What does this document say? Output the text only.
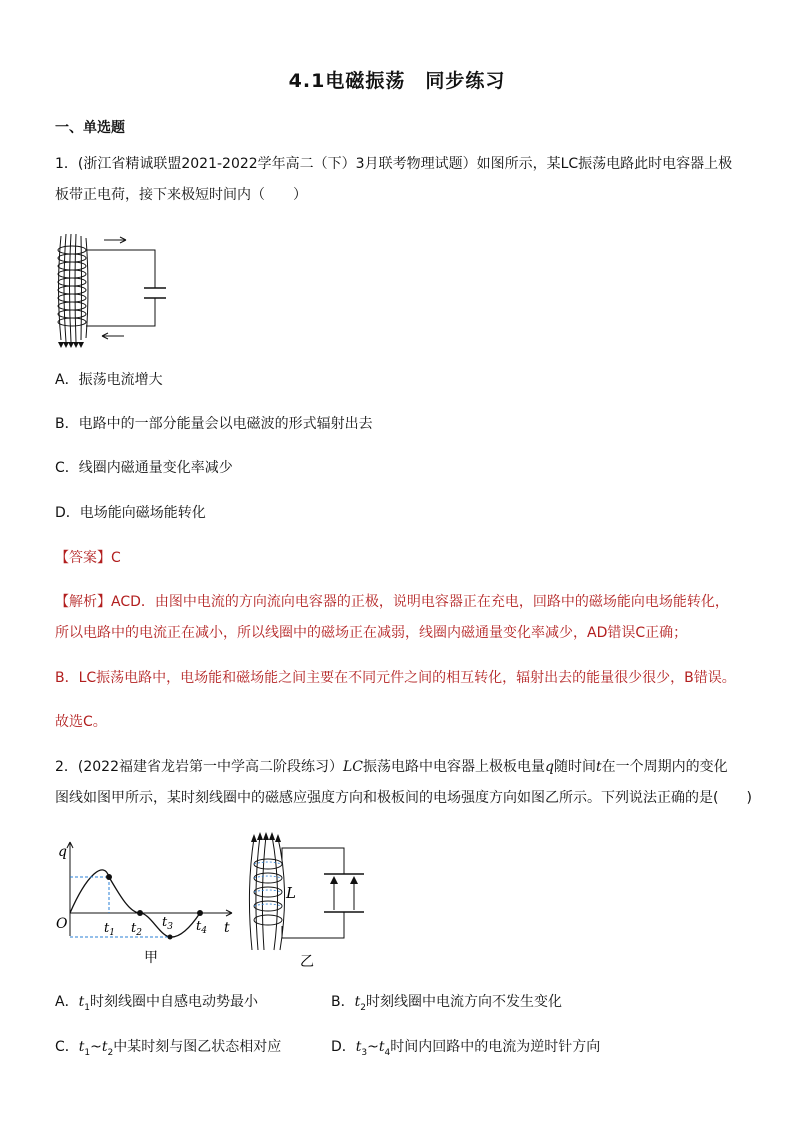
4.1电磁振荡　同步练习
一、单选题
1．(浙江省精诚联盟2021-2022学年高二（下）3月联考物理试题）如图所示，某LC振荡电路此时电容器上极
板带正电荷，接下来极短时间内（　　）
A．振荡电流增大
B．电路中的一部分能量会以电磁波的形式辐射出去
C．线圈内磁通量变化率减少
D．电场能向磁场能转化
【答案】C
【解析】ACD．由图中电流的方向流向电容器的正极，说明电容器正在充电，回路中的磁场能向电场能转化，
所以电路中的电流正在减小，所以线圈中的磁场正在减弱，线圈内磁通量变化率减少，AD错误C正确；
B．LC振荡电路中，电场能和磁场能之间主要在不同元件之间的相互转化，辐射出去的能量很少很少，B错误。
故选C。
2．(2022福建省龙岩第一中学高二阶段练习）LC振荡电路中电容器上极板电量q随时间t在一个周期内的变化
图线如图甲所示，某时刻线圈中的磁感应强度方向和极板间的电场强度方向如图乙所示。下列说法正确的是(　　)
q
O	t
$t_1$ $t_2$
$t_3$ $t_4$
甲
L
乙
A．$t_1$时刻线圈中自感电动势最小	B．$t_2$时刻线圈中电流方向不发生变化
C．$t_1\sim t_2$中某时刻与图乙状态相对应	D．$t_3\sim t_4$时间内回路中的电流为逆时针方向
